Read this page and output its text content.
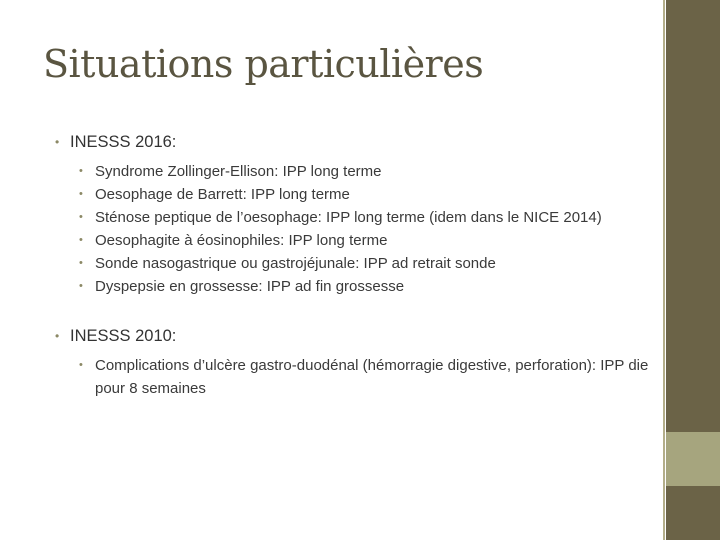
Situations particulières
• INESSS 2016:
• Syndrome Zollinger-Ellison: IPP long terme
• Oesophage de Barrett: IPP long terme
• Sténose peptique de l’oesophage: IPP long terme (idem dans le NICE 2014)
• Oesophagite à éosinophiles: IPP long terme
• Sonde nasogastrique ou gastrojéjunale: IPP ad retrait sonde
• Dyspepsie en grossesse: IPP ad fin grossesse
• INESSS 2010:
• Complications d’ulcère gastro-duodénal (hémorragie digestive, perforation): IPP die pour 8 semaines
